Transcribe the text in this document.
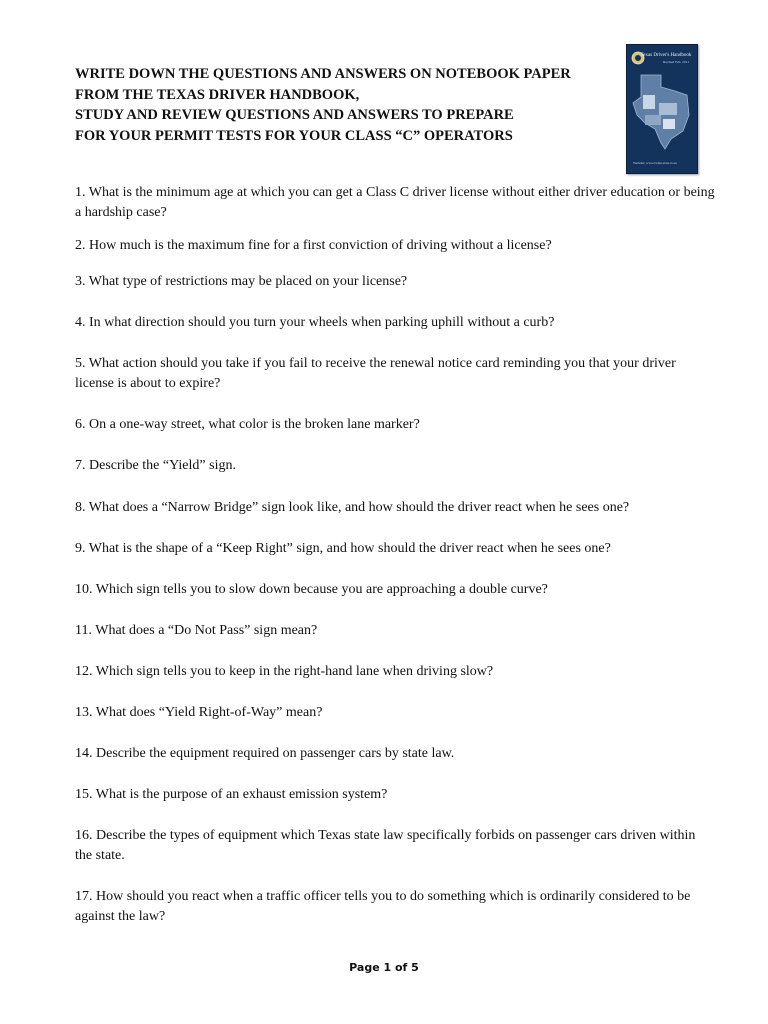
WRITE DOWN THE QUESTIONS AND ANSWERS ON NOTEBOOK PAPER
FROM THE TEXAS DRIVER HANDBOOK,
STUDY AND REVIEW QUESTIONS AND ANSWERS TO PREPARE
FOR YOUR PERMIT TESTS FOR YOUR CLASS “C” OPERATORS
Texas Driver's Handbook
Revised Feb. 2011
Website: www.txdps.state.tx.us
1. What is the minimum age at which you can get a Class C driver license without either driver education or being a hardship case?
2. How much is the maximum fine for a first conviction of driving without a license?
3. What type of restrictions may be placed on your license?
4. In what direction should you turn your wheels when parking uphill without a curb?
5. What action should you take if you fail to receive the renewal notice card reminding you that your driver license is about to expire?
6. On a one-way street, what color is the broken lane marker?
7. Describe the “Yield” sign.
8. What does a “Narrow Bridge” sign look like, and how should the driver react when he sees one?
9. What is the shape of a “Keep Right” sign, and how should the driver react when he sees one?
10. Which sign tells you to slow down because you are approaching a double curve?
11. What does a “Do Not Pass” sign mean?
12. Which sign tells you to keep in the right-hand lane when driving slow?
13. What does “Yield Right-of-Way” mean?
14. Describe the equipment required on passenger cars by state law.
15. What is the purpose of an exhaust emission system?
16. Describe the types of equipment which Texas state law specifically forbids on passenger cars driven within the state.
17. How should you react when a traffic officer tells you to do something which is ordinarily considered to be against the law?
Page 1 of 5
